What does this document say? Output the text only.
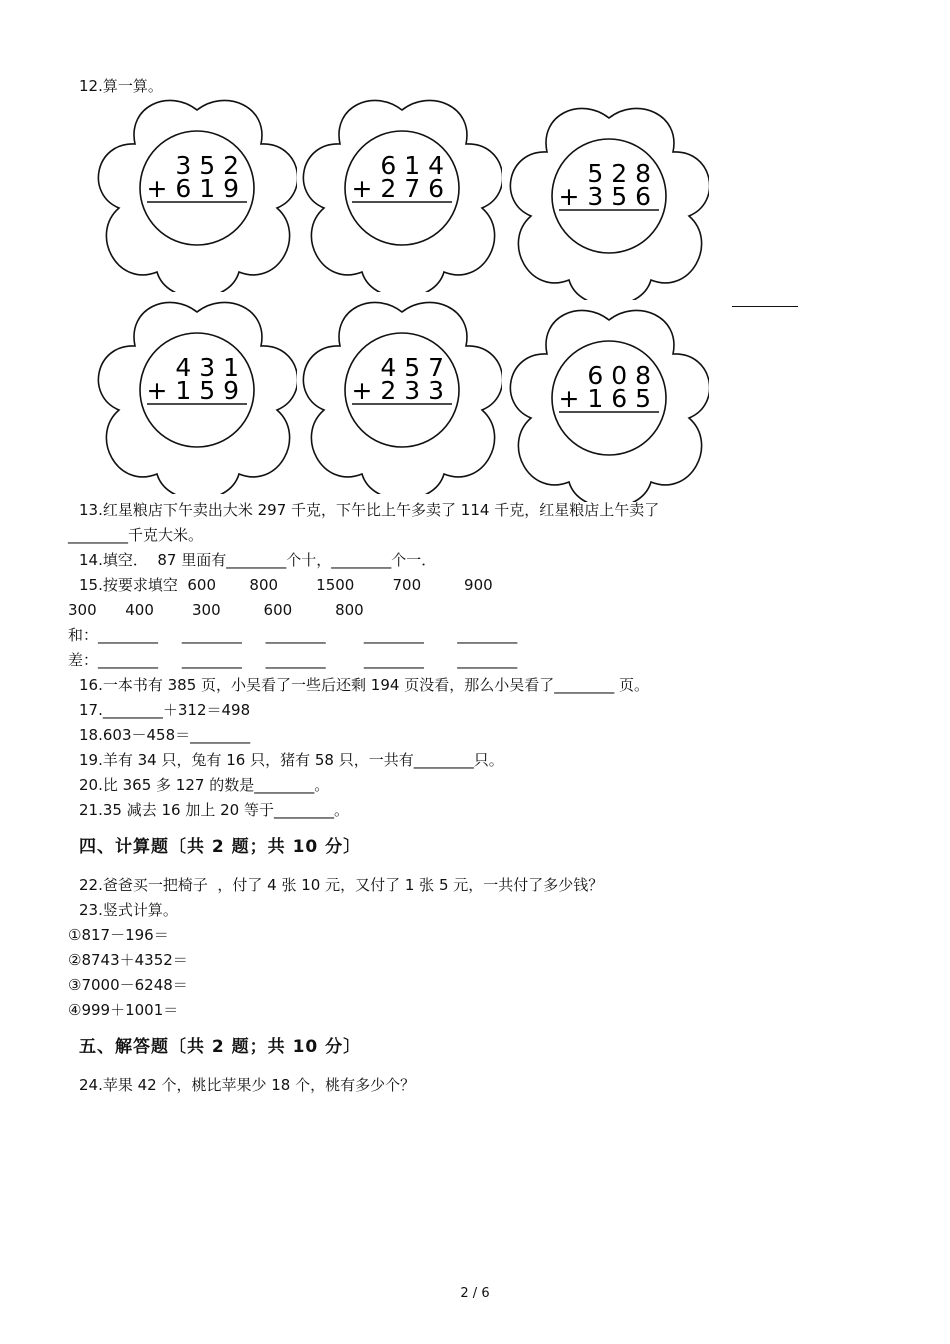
12.算一算。
3 5 2
+ 6 1 9
6 1 4
+ 2 7 6
5 2 8
+ 3 5 6
4 3 1
+ 1 5 9
4 5 7
+ 2 3 3
6 0 8
+ 1 6 5
13.红星粮店下午卖出大米 297 千克，下午比上午多卖了 114 千克，红星粮店上午卖了
________千克大米。
14.填空．  87 里面有________个十，________个一．
15.按要求填空  600       800        1500        700         900
300      400        300         600         800
和：________     ________     ________        ________       ________
差：________     ________     ________        ________       ________
16.一本书有 385 页，小吴看了一些后还剩 194 页没看，那么小吴看了________ 页。
17.________＋312＝498
18.603－458＝________
19.羊有 34 只，兔有 16 只，猪有 58 只，一共有________只。
20.比 365 多 127 的数是________。
21.35 减去 16 加上 20 等于________。
四、计算题〔共 2 题；共 10 分〕
22.爸爸买一把椅子  ，付了 4 张 10 元，又付了 1 张 5 元，一共付了多少钱？
23.竖式计算。
①817－196＝
②8743＋4352＝
③7000－6248＝
④999＋1001＝
五、解答题〔共 2 题；共 10 分〕
24.苹果 42 个，桃比苹果少 18 个，桃有多少个？
2 / 6
